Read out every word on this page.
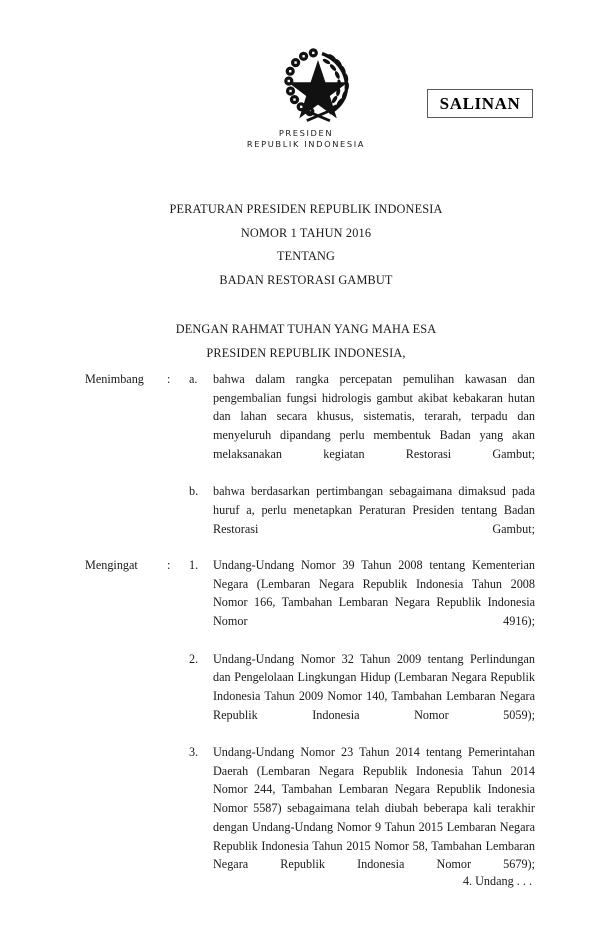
PRESIDEN
REPUBLIK INDONESIA
SALINAN
PERATURAN PRESIDEN REPUBLIK INDONESIA
NOMOR 1 TAHUN 2016
TENTANG
BADAN RESTORASI GAMBUT
DENGAN RAHMAT TUHAN YANG MAHA ESA
PRESIDEN REPUBLIK INDONESIA,
Menimbang	:	a.	bahwa dalam rangka percepatan pemulihan kawasan dan pengembalian fungsi hidrologis gambut akibat kebakaran hutan dan lahan secara khusus, sistematis, terarah, terpadu dan menyeluruh dipandang perlu membentuk Badan yang akan melaksanakan kegiatan Restorasi Gambut;
b.	bahwa berdasarkan pertimbangan sebagaimana dimaksud pada huruf a, perlu menetapkan Peraturan Presiden tentang Badan Restorasi Gambut;
Mengingat	:	1.	Undang-Undang Nomor 39 Tahun 2008 tentang Kementerian Negara (Lembaran Negara Republik Indonesia Tahun 2008 Nomor 166, Tambahan Lembaran Negara Republik Indonesia Nomor 4916);
2.	Undang-Undang Nomor 32 Tahun 2009 tentang Perlindungan dan Pengelolaan Lingkungan Hidup (Lembaran Negara Republik Indonesia Tahun 2009 Nomor 140, Tambahan Lembaran Negara Republik Indonesia Nomor 5059);
3.	Undang-Undang Nomor 23 Tahun 2014 tentang Pemerintahan Daerah (Lembaran Negara Republik Indonesia Tahun 2014 Nomor 244, Tambahan Lembaran Negara Republik Indonesia Nomor 5587) sebagaimana telah diubah beberapa kali terakhir dengan Undang-Undang Nomor 9 Tahun 2015 Lembaran Negara Republik Indonesia Tahun 2015 Nomor 58, Tambahan Lembaran Negara Republik Indonesia Nomor 5679);
4. Undang . . .
